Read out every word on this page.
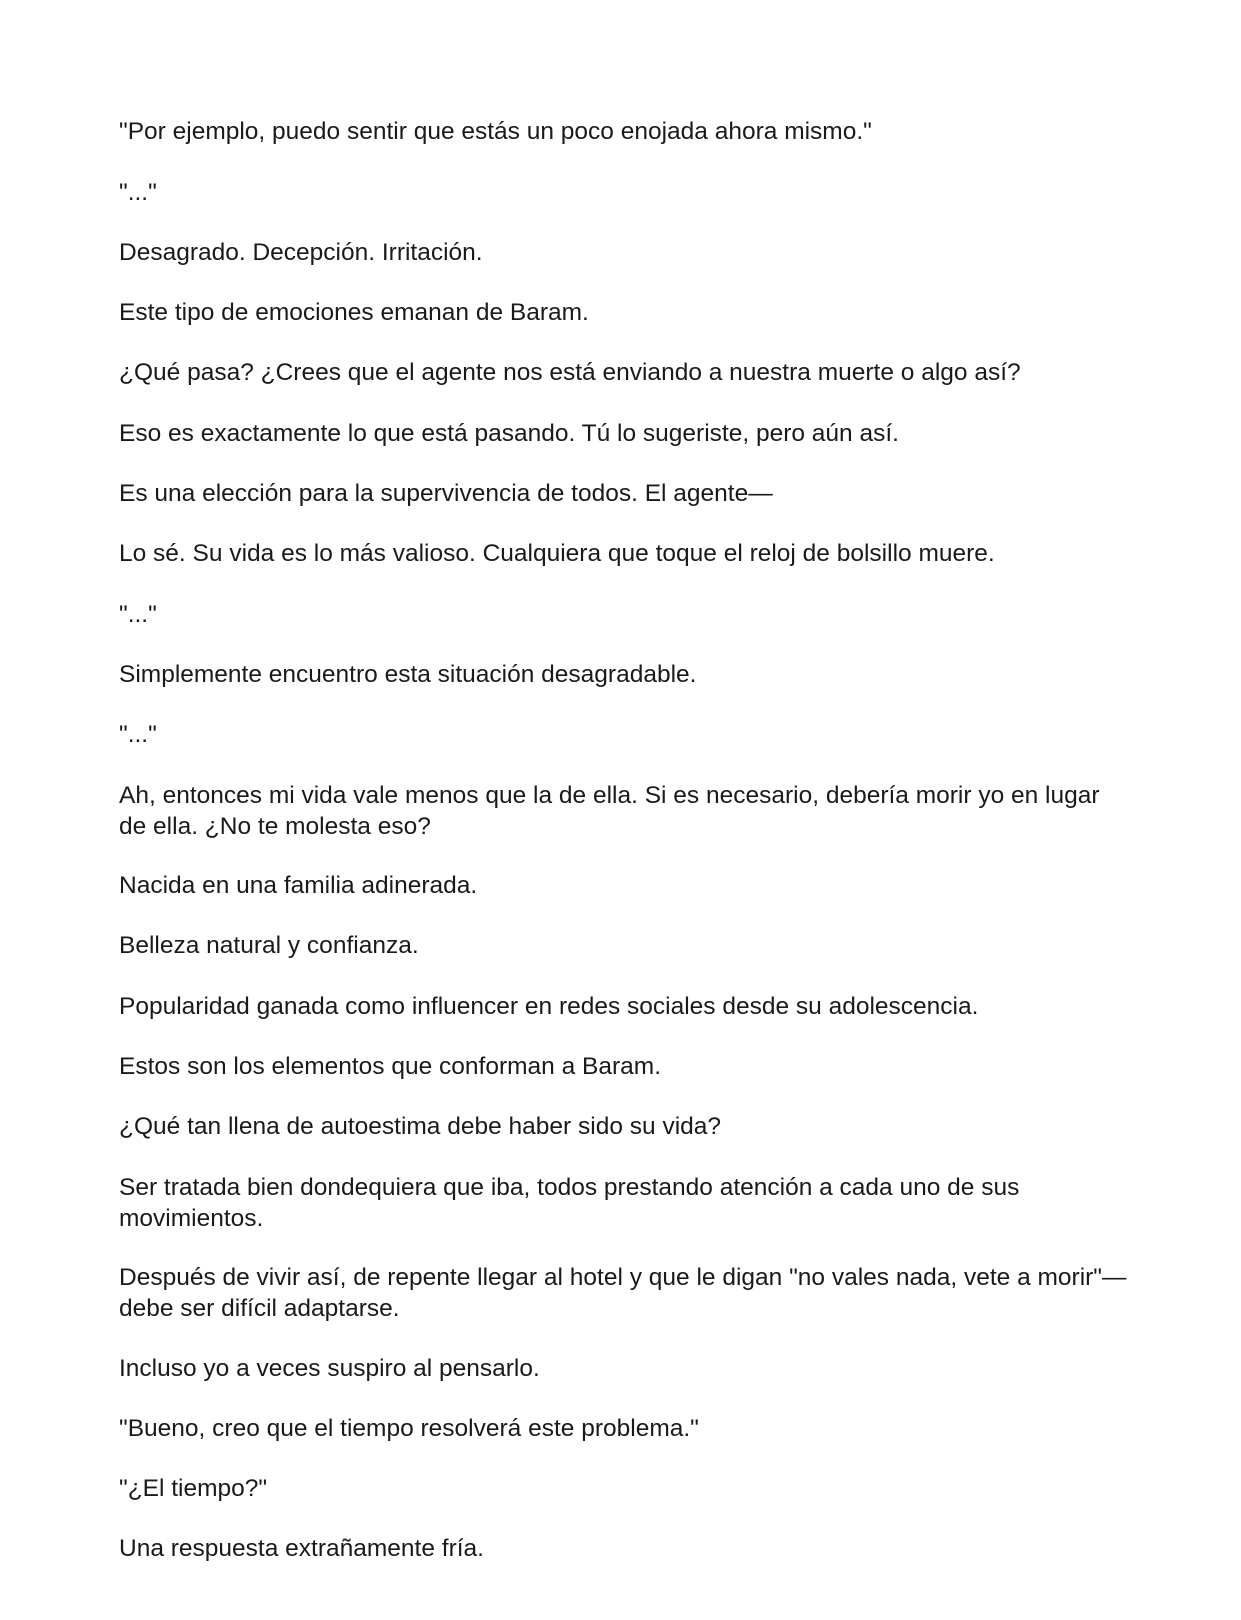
"Por ejemplo, puedo sentir que estás un poco enojada ahora mismo."

"..."

Desagrado. Decepción. Irritación.

Este tipo de emociones emanan de Baram.

¿Qué pasa? ¿Crees que el agente nos está enviando a nuestra muerte o algo así?

Eso es exactamente lo que está pasando. Tú lo sugeriste, pero aún así.

Es una elección para la supervivencia de todos. El agente—

Lo sé. Su vida es lo más valioso. Cualquiera que toque el reloj de bolsillo muere.

"..."

Simplemente encuentro esta situación desagradable.

"..."

Ah, entonces mi vida vale menos que la de ella. Si es necesario, debería morir yo en lugar de ella. ¿No te molesta eso?

Nacida en una familia adinerada.

Belleza natural y confianza.

Popularidad ganada como influencer en redes sociales desde su adolescencia.

Estos son los elementos que conforman a Baram.

¿Qué tan llena de autoestima debe haber sido su vida?

Ser tratada bien dondequiera que iba, todos prestando atención a cada uno de sus movimientos.

Después de vivir así, de repente llegar al hotel y que le digan "no vales nada, vete a morir"— debe ser difícil adaptarse.

Incluso yo a veces suspiro al pensarlo.

"Bueno, creo que el tiempo resolverá este problema."

"¿El tiempo?"

Una respuesta extrañamente fría.
